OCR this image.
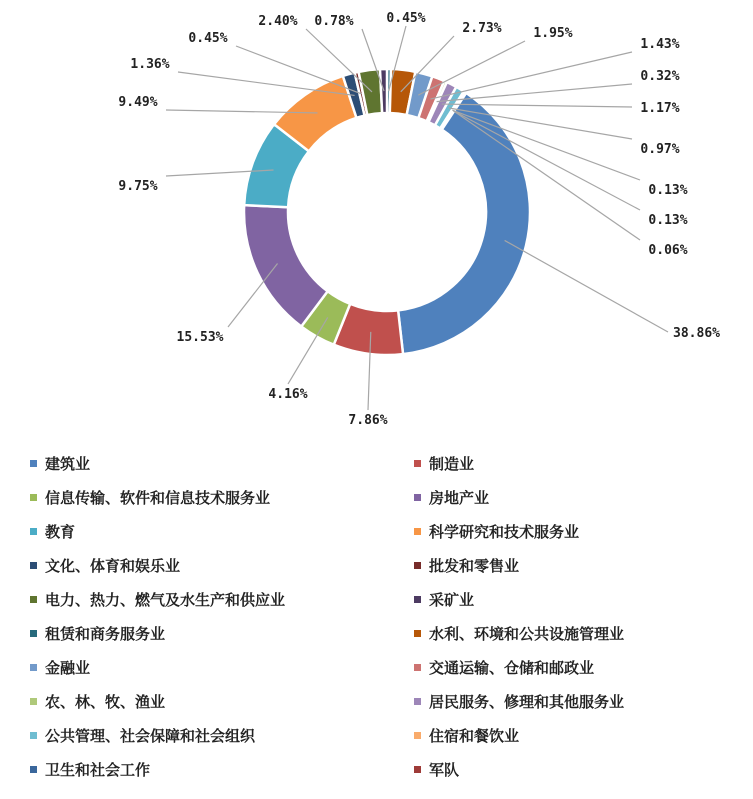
0.45%
2.73% 1.95%
1.43%
0.32%
1.17%
0.97%
0.13%
0.13%
0.06%
38.86%
7.86%
4.16%
15.53%
9.75%
9.49%
1.36%
0.45%
2.40% 0.78%
建筑业	制造业
信息传输、软件和信息技术服务业	房地产业
教育	科学研究和技术服务业
文化、体育和娱乐业	批发和零售业
电力、热力、燃气及水生产和供应业	采矿业
租赁和商务服务业	水利、环境和公共设施管理业
金融业	交通运输、仓储和邮政业
农、林、牧、渔业	居民服务、修理和其他服务业
公共管理、社会保障和社会组织	住宿和餐饮业
卫生和社会工作	军队
